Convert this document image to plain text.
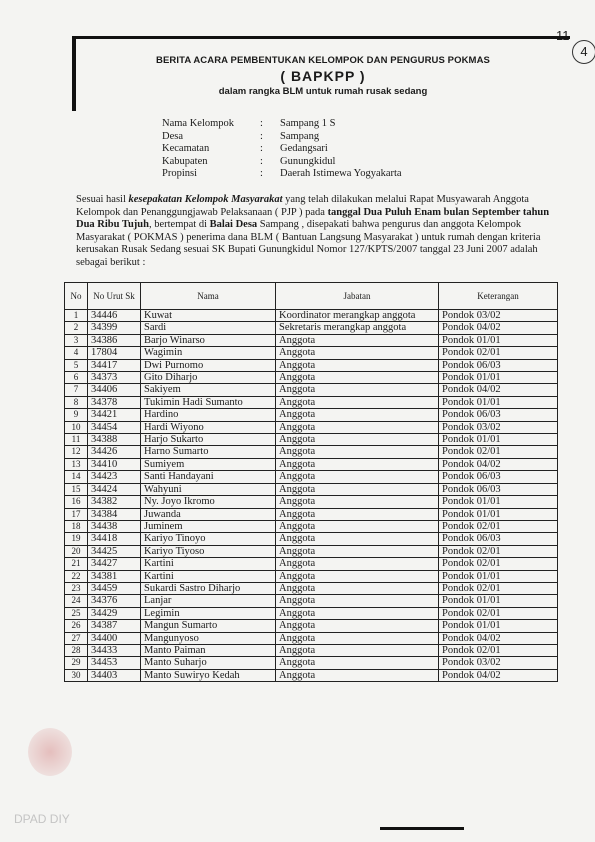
11
4
BERITA ACARA PEMBENTUKAN KELOMPOK DAN PENGURUS POKMAS
( BAPKPP )
dalam rangka BLM untuk rumah rusak sedang
Nama Kelompok	:	Sampang 1 S
Desa	:	Sampang
Kecamatan	:	Gedangsari
Kabupaten	:	Gunungkidul
Propinsi	:	Daerah Istimewa Yogyakarta
Sesuai hasil kesepakatan Kelompok Masyarakat yang telah dilakukan melalui Rapat Musyawarah Anggota Kelompok dan Penanggungjawab Pelaksanaan ( PJP ) pada tanggal Dua Puluh Enam bulan September tahun Dua Ribu Tujuh, bertempat di Balai Desa Sampang , disepakati bahwa pengurus dan anggota Kelompok Masyarakat ( POKMAS ) penerima dana BLM ( Bantuan Langsung Masyarakat ) untuk rumah dengan kriteria kerusakan Rusak Sedang sesuai SK Bupati Gunungkidul Nomor 127/KPTS/2007 tanggal 23 Juni 2007 adalah sebagai berikut :
No	No Urut Sk	Nama	Jabatan	Keterangan
1	34446	Kuwat	Koordinator merangkap anggota	Pondok 03/02
2	34399	Sardi	Sekretaris merangkap anggota	Pondok 04/02
3	34386	Barjo Winarso	Anggota	Pondok 01/01
4	17804	Wagimin	Anggota	Pondok 02/01
5	34417	Dwi Purnomo	Anggota	Pondok 06/03
6	34373	Gito Diharjo	Anggota	Pondok 01/01
7	34406	Sakiyem	Anggota	Pondok 04/02
8	34378	Tukimin Hadi Sumanto	Anggota	Pondok 01/01
9	34421	Hardino	Anggota	Pondok 06/03
10	34454	Hardi Wiyono	Anggota	Pondok 03/02
11	34388	Harjo Sukarto	Anggota	Pondok 01/01
12	34426	Harno Sumarto	Anggota	Pondok 02/01
13	34410	Sumiyem	Anggota	Pondok 04/02
14	34423	Santi Handayani	Anggota	Pondok 06/03
15	34424	Wahyuni	Anggota	Pondok 06/03
16	34382	Ny. Joyo Ikromo	Anggota	Pondok 01/01
17	34384	Juwanda	Anggota	Pondok 01/01
18	34438	Juminem	Anggota	Pondok 02/01
19	34418	Kariyo Tinoyo	Anggota	Pondok 06/03
20	34425	Kariyo Tiyoso	Anggota	Pondok 02/01
21	34427	Kartini	Anggota	Pondok 02/01
22	34381	Kartini	Anggota	Pondok 01/01
23	34459	Sukardi Sastro Diharjo	Anggota	Pondok 02/01
24	34376	Lanjar	Anggota	Pondok 01/01
25	34429	Legimin	Anggota	Pondok 02/01
26	34387	Mangun Sumarto	Anggota	Pondok 01/01
27	34400	Mangunyoso	Anggota	Pondok 04/02
28	34433	Manto Paiman	Anggota	Pondok 02/01
29	34453	Manto Suharjo	Anggota	Pondok 03/02
30	34403	Manto Suwiryo Kedah	Anggota	Pondok 04/02
DPAD DIY
